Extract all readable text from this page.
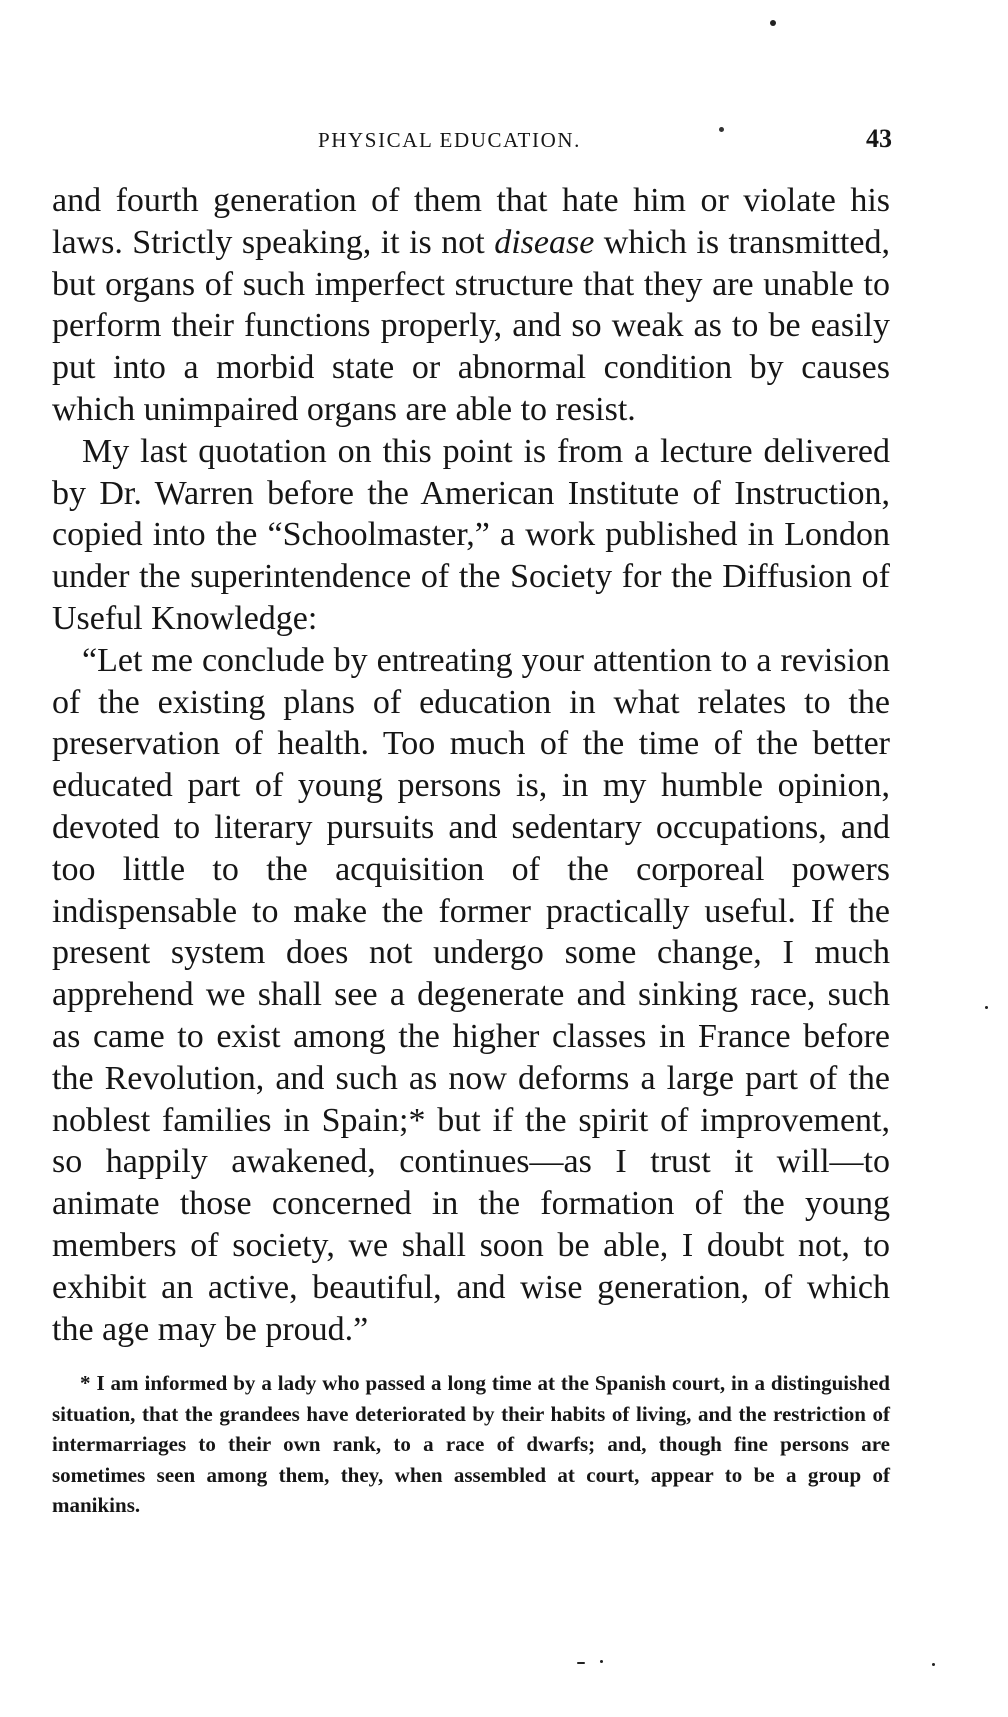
PHYSICAL EDUCATION.	43

and fourth generation of them that hate him or violate his laws. Strictly speaking, it is not disease which is transmitted, but organs of such imperfect structure that they are unable to perform their functions properly, and so weak as to be easily put into a morbid state or abnormal condition by causes which unimpaired organs are able to resist.

My last quotation on this point is from a lecture delivered by Dr. Warren before the American Institute of Instruction, copied into the “Schoolmaster,” a work published in London under the superintendence of the Society for the Diffusion of Useful Knowledge:

“Let me conclude by entreating your attention to a revision of the existing plans of education in what relates to the preservation of health. Too much of the time of the better educated part of young persons is, in my humble opinion, devoted to literary pursuits and sedentary occupations, and too little to the acquisition of the corporeal powers indispensable to make the former practically useful. If the present system does not undergo some change, I much apprehend we shall see a degenerate and sinking race, such as came to exist among the higher classes in France before the Revolution, and such as now deforms a large part of the noblest families in Spain;* but if the spirit of improvement, so happily awakened, continues—as I trust it will—to animate those concerned in the formation of the young members of society, we shall soon be able, I doubt not, to exhibit an active, beautiful, and wise generation, of which the age may be proud.”

* I am informed by a lady who passed a long time at the Spanish court, in a distinguished situation, that the grandees have deteriorated by their habits of living, and the restriction of intermarriages to their own rank, to a race of dwarfs; and, though fine persons are sometimes seen among them, they, when assembled at court, appear to be a group of manikins.
